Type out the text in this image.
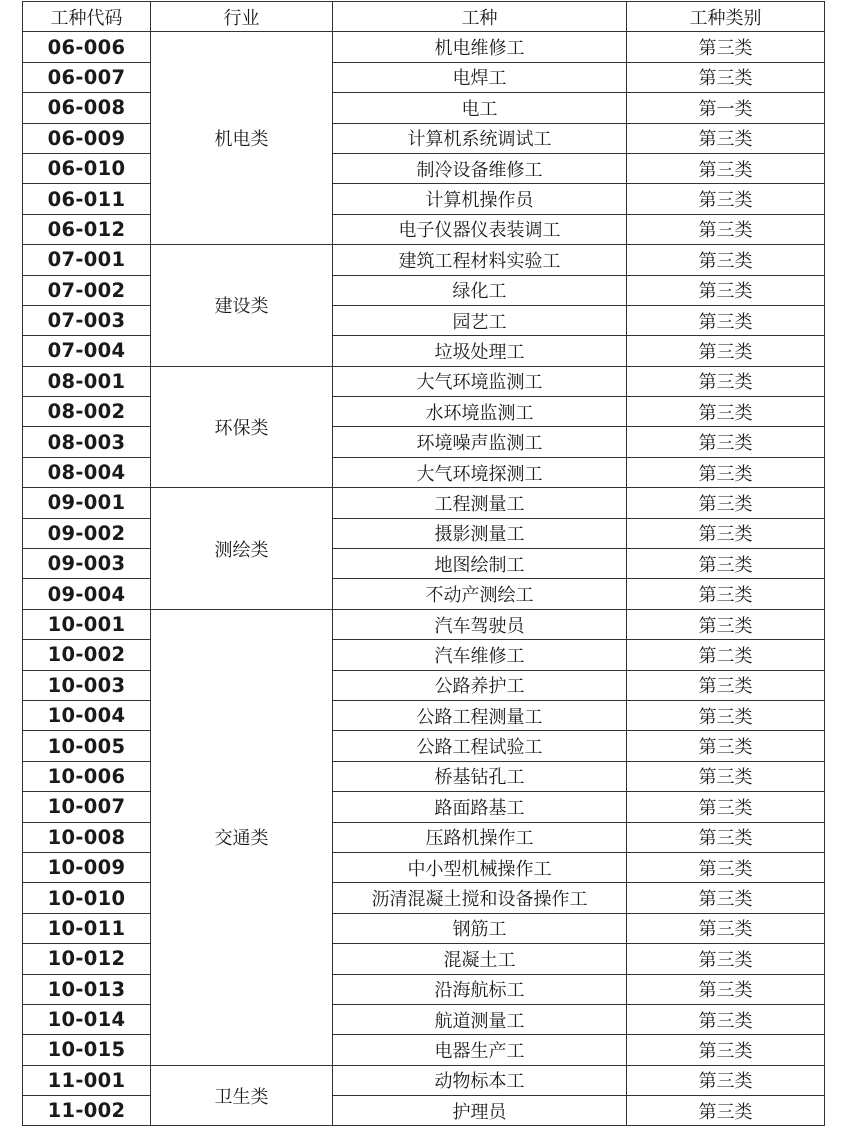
工种代码	行业	工种	工种类别
06-006	机电类	机电维修工	第三类
06-007		电焊工	第三类
06-008		电工	第一类
06-009		计算机系统调试工	第三类
06-010		制冷设备维修工	第三类
06-011		计算机操作员	第三类
06-012		电子仪器仪表装调工	第三类
07-001	建设类	建筑工程材料实验工	第三类
07-002		绿化工	第三类
07-003		园艺工	第三类
07-004		垃圾处理工	第三类
08-001	环保类	大气环境监测工	第三类
08-002		水环境监测工	第三类
08-003		环境噪声监测工	第三类
08-004		大气环境探测工	第三类
09-001	测绘类	工程测量工	第三类
09-002		摄影测量工	第三类
09-003		地图绘制工	第三类
09-004		不动产测绘工	第三类
10-001	交通类	汽车驾驶员	第三类
10-002		汽车维修工	第二类
10-003		公路养护工	第三类
10-004		公路工程测量工	第三类
10-005		公路工程试验工	第三类
10-006		桥基钻孔工	第三类
10-007		路面路基工	第三类
10-008		压路机操作工	第三类
10-009		中小型机械操作工	第三类
10-010		沥清混凝土搅和设备操作工	第三类
10-011		钢筋工	第三类
10-012		混凝土工	第三类
10-013		沿海航标工	第三类
10-014		航道测量工	第三类
10-015		电器生产工	第三类
11-001	卫生类	动物标本工	第三类
11-002		护理员	第三类
